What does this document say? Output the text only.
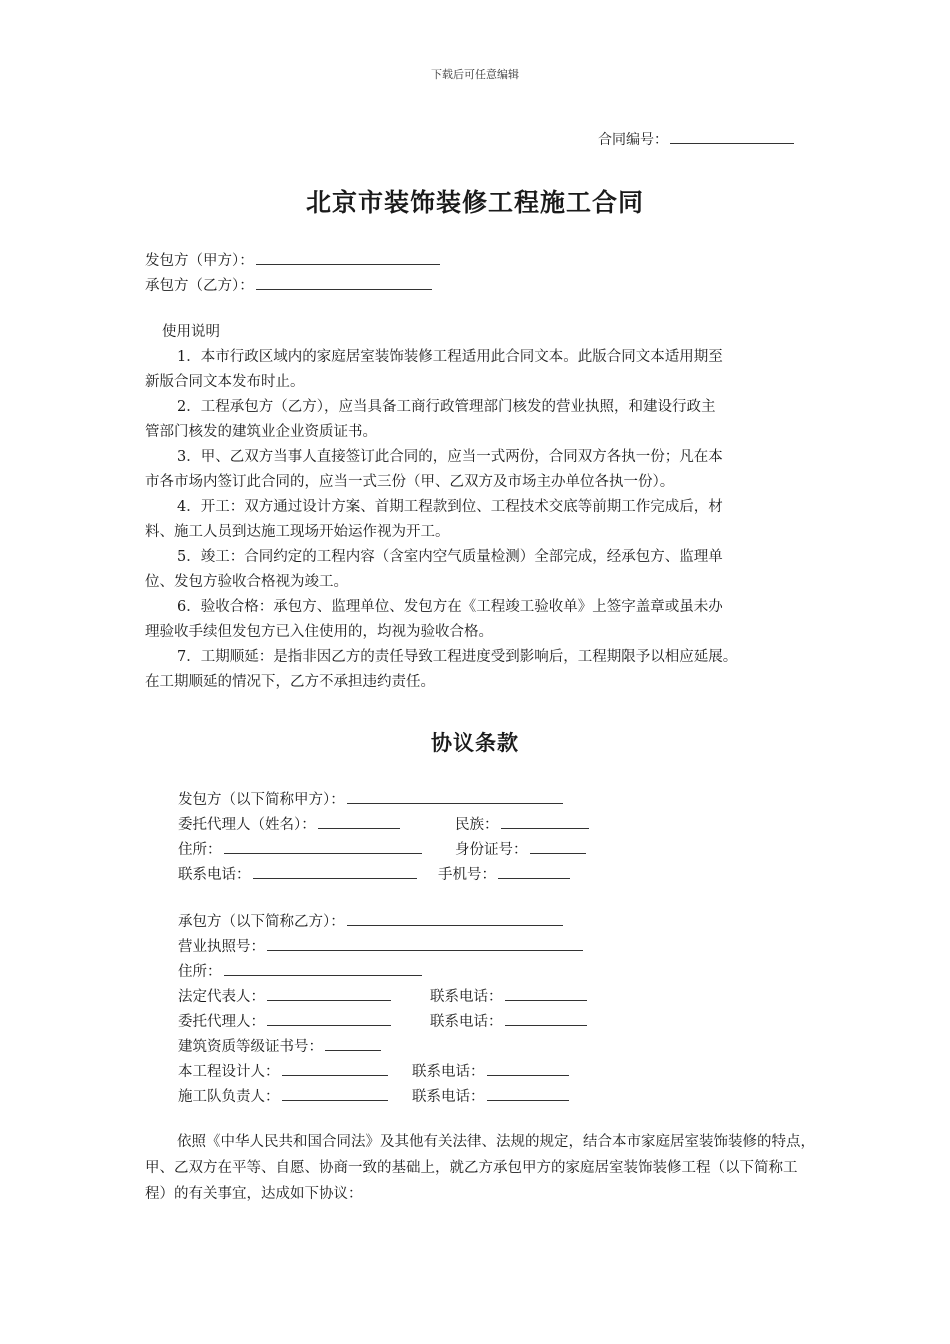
下载后可任意编辑
合同编号：
北京市装饰装修工程施工合同
发包方（甲方）：
承包方（乙方）：
使用说明
1．本市行政区域内的家庭居室装饰装修工程适用此合同文本。此版合同文本适用期至
新版合同文本发布时止。
2．工程承包方（乙方），应当具备工商行政管理部门核发的营业执照，和建设行政主
管部门核发的建筑业企业资质证书。
3．甲、乙双方当事人直接签订此合同的，应当一式两份，合同双方各执一份；凡在本
市各市场内签订此合同的，应当一式三份（甲、乙双方及市场主办单位各执一份）。
4．开工：双方通过设计方案、首期工程款到位、工程技术交底等前期工作完成后，材
料、施工人员到达施工现场开始运作视为开工。
5．竣工：合同约定的工程内容（含室内空气质量检测）全部完成，经承包方、监理单
位、发包方验收合格视为竣工。
6．验收合格：承包方、监理单位、发包方在《工程竣工验收单》上签字盖章或虽未办
理验收手续但发包方已入住使用的，均视为验收合格。
7．工期顺延：是指非因乙方的责任导致工程进度受到影响后，工程期限予以相应延展。
在工期顺延的情况下，乙方不承担违约责任。
协议条款
发包方（以下简称甲方）：
委托代理人（姓名）：	民族：
住所：	身份证号：
联系电话：	手机号：
承包方（以下简称乙方）：
营业执照号：
住所：
法定代表人：	联系电话：
委托代理人：	联系电话：
建筑资质等级证书号：
本工程设计人：	联系电话：
施工队负责人：	联系电话：
依照《中华人民共和国合同法》及其他有关法律、法规的规定，结合本市家庭居室装饰装修的特点，甲、乙双方在平等、自愿、协商一致的基础上，就乙方承包甲方的家庭居室装饰装修工程（以下简称工程）的有关事宜，达成如下协议：
